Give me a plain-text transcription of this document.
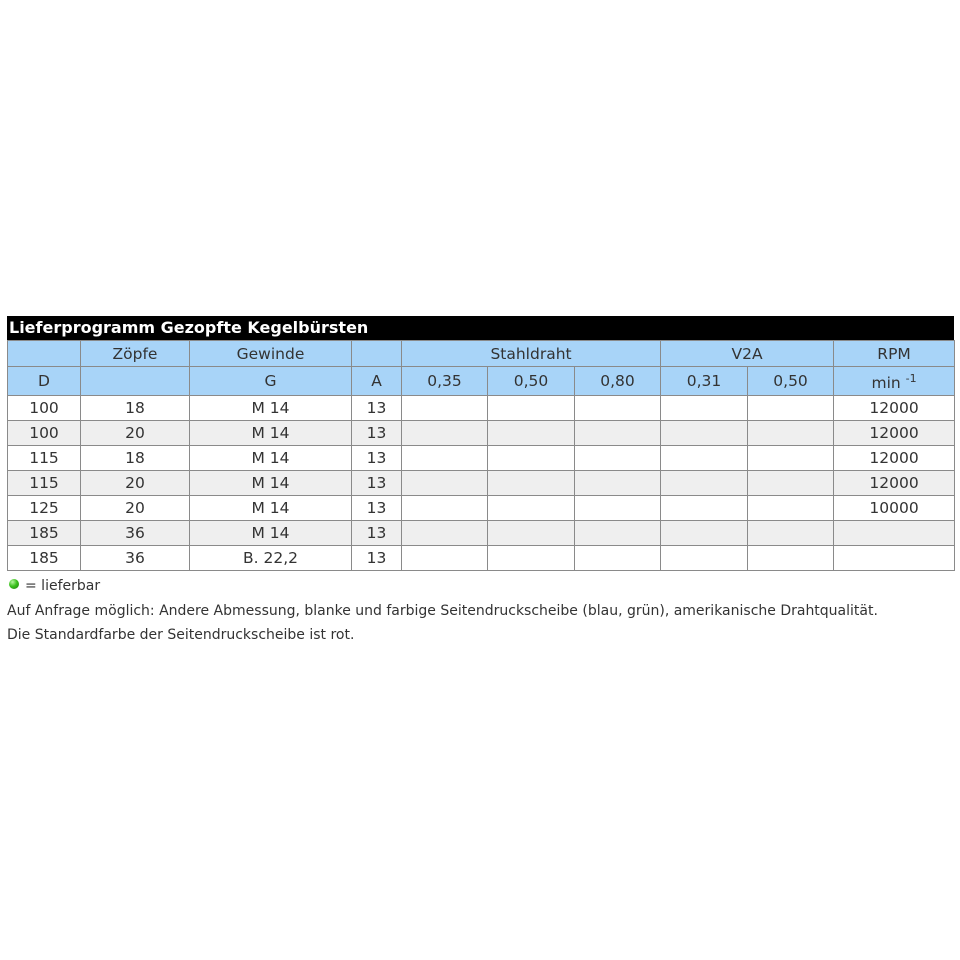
Lieferprogramm Gezopfte Kegelbürsten
	Zöpfe	Gewinde		Stahldraht			V2A		RPM
D		G	A	0,35	0,50	0,80	0,31	0,50	min $^{-1}$
100	18	M 14	13						12000
100	20	M 14	13						12000
115	18	M 14	13						12000
115	20	M 14	13						12000
125	20	M 14	13						10000
185	36	M 14	13						
185	36	B. 22,2	13						
= lieferbar
Auf Anfrage möglich: Andere Abmessung, blanke und farbige Seitendruckscheibe (blau, grün), amerikanische Drahtqualität.
Die Standardfarbe der Seitendruckscheibe ist rot.
